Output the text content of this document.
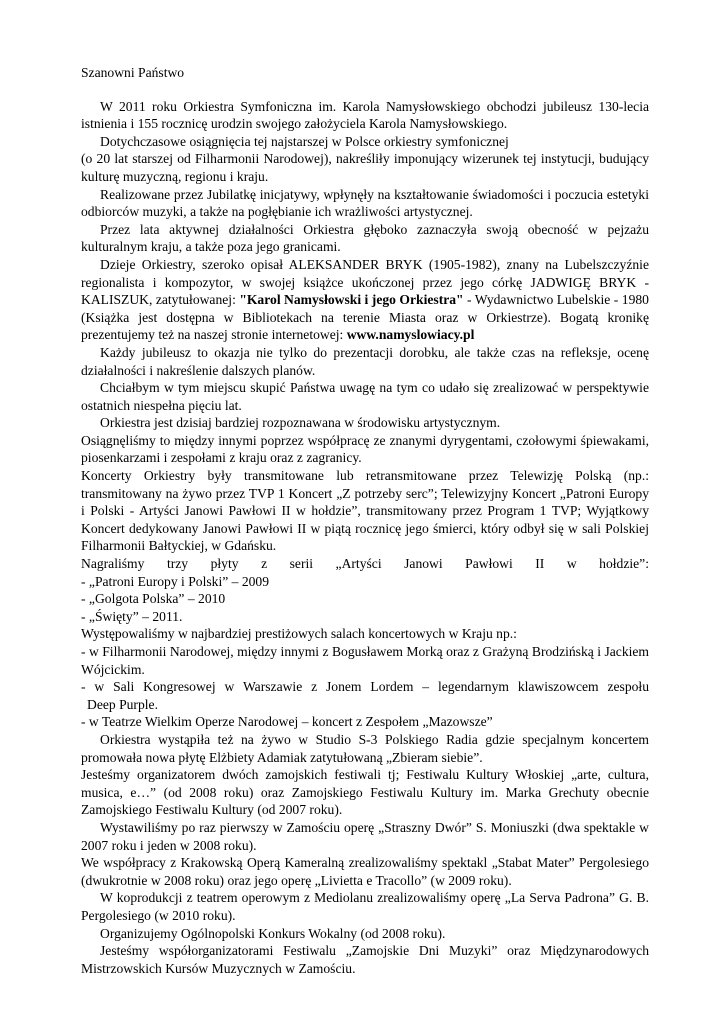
Szanowni Państwo

W 2011 roku Orkiestra Symfoniczna im. Karola Namysłowskiego obchodzi jubileusz 130-lecia istnienia i 155 rocznicę urodzin swojego założyciela Karola Namysłowskiego.

Dotychczasowe osiągnięcia tej najstarszej w Polsce orkiestry symfonicznej

(o 20 lat starszej od Filharmonii Narodowej), nakreśliły imponujący wizerunek tej instytucji, budujący kulturę muzyczną, regionu i kraju.

Realizowane przez Jubilatkę inicjatywy, wpłynęły na kształtowanie świadomości i poczucia estetyki odbiorców muzyki, a także na pogłębianie ich wrażliwości artystycznej.

Przez lata aktywnej działalności Orkiestra głęboko zaznaczyła swoją obecność w pejzażu kulturalnym kraju, a także poza jego granicami.

Dzieje Orkiestry, szeroko opisał ALEKSANDER BRYK (1905-1982), znany na Lubelszczyźnie regionalista i kompozytor, w swojej książce ukończonej przez jego córkę JADWIGĘ BRYK - KALISZUK, zatytułowanej: "Karol Namysłowski i jego Orkiestra" - Wydawnictwo Lubelskie - 1980 (Książka jest dostępna w Bibliotekach na terenie Miasta oraz w Orkiestrze). Bogatą kronikę prezentujemy też na naszej stronie internetowej: www.namyslowiacy.pl

Każdy jubileusz to okazja nie tylko do prezentacji dorobku, ale także czas na refleksje, ocenę działalności i nakreślenie dalszych planów.

Chciałbym w tym miejscu skupić Państwa uwagę na tym co udało się zrealizować w perspektywie ostatnich niespełna pięciu lat.

Orkiestra jest dzisiaj bardziej rozpoznawana w środowisku artystycznym.

Osiągnęliśmy to między innymi poprzez współpracę ze znanymi dyrygentami, czołowymi śpiewakami, piosenkarzami i zespołami z kraju oraz z zagranicy.

Koncerty Orkiestry były transmitowane lub retransmitowane przez Telewizję Polską (np.: transmitowany na żywo przez TVP 1 Koncert „Z potrzeby serc”; Telewizyjny Koncert „Patroni Europy i Polski - Artyści Janowi Pawłowi II w hołdzie”, transmitowany przez Program 1 TVP; Wyjątkowy Koncert dedykowany Janowi Pawłowi II w piątą rocznicę jego śmierci, który odbył się w sali Polskiej Filharmonii Bałtyckiej, w Gdańsku.

Nagraliśmy trzy płyty z serii „Artyści Janowi Pawłowi II w hołdzie”:

- „Patroni Europy i Polski” – 2009

- „Golgota Polska” – 2010

- „Święty” – 2011.

Występowaliśmy w najbardziej prestiżowych salach koncertowych w Kraju np.:

- w Filharmonii Narodowej, między innymi z Bogusławem Morką oraz z Grażyną Brodzińską i Jackiem Wójcickim.

- w Sali Kongresowej w Warszawie z Jonem Lordem – legendarnym klawiszowcem zespołu

Deep Purple.

- w Teatrze Wielkim Operze Narodowej – koncert z Zespołem „Mazowsze”

Orkiestra wystąpiła też na żywo w Studio S-3 Polskiego Radia gdzie specjalnym koncertem promowała nowa płytę Elżbiety Adamiak zatytułowaną „Zbieram siebie”.

Jesteśmy organizatorem dwóch zamojskich festiwali tj; Festiwalu Kultury Włoskiej „arte, cultura, musica, e…” (od 2008 roku) oraz Zamojskiego Festiwalu Kultury im. Marka Grechuty obecnie Zamojskiego Festiwalu Kultury (od 2007 roku).

Wystawiliśmy po raz pierwszy w Zamościu operę „Straszny Dwór” S. Moniuszki (dwa spektakle w 2007 roku i jeden w 2008 roku).

We współpracy z Krakowską Operą Kameralną zrealizowaliśmy spektakl „Stabat Mater” Pergolesiego (dwukrotnie w 2008 roku) oraz jego operę „Livietta e Tracollo” (w 2009 roku).

W koprodukcji z teatrem operowym z Mediolanu zrealizowaliśmy operę „La Serva Padrona” G. B. Pergolesiego (w 2010 roku).

Organizujemy Ogólnopolski Konkurs Wokalny (od 2008 roku).

Jesteśmy współorganizatorami Festiwalu „Zamojskie Dni Muzyki” oraz Międzynarodowych Mistrzowskich Kursów Muzycznych w Zamościu.
